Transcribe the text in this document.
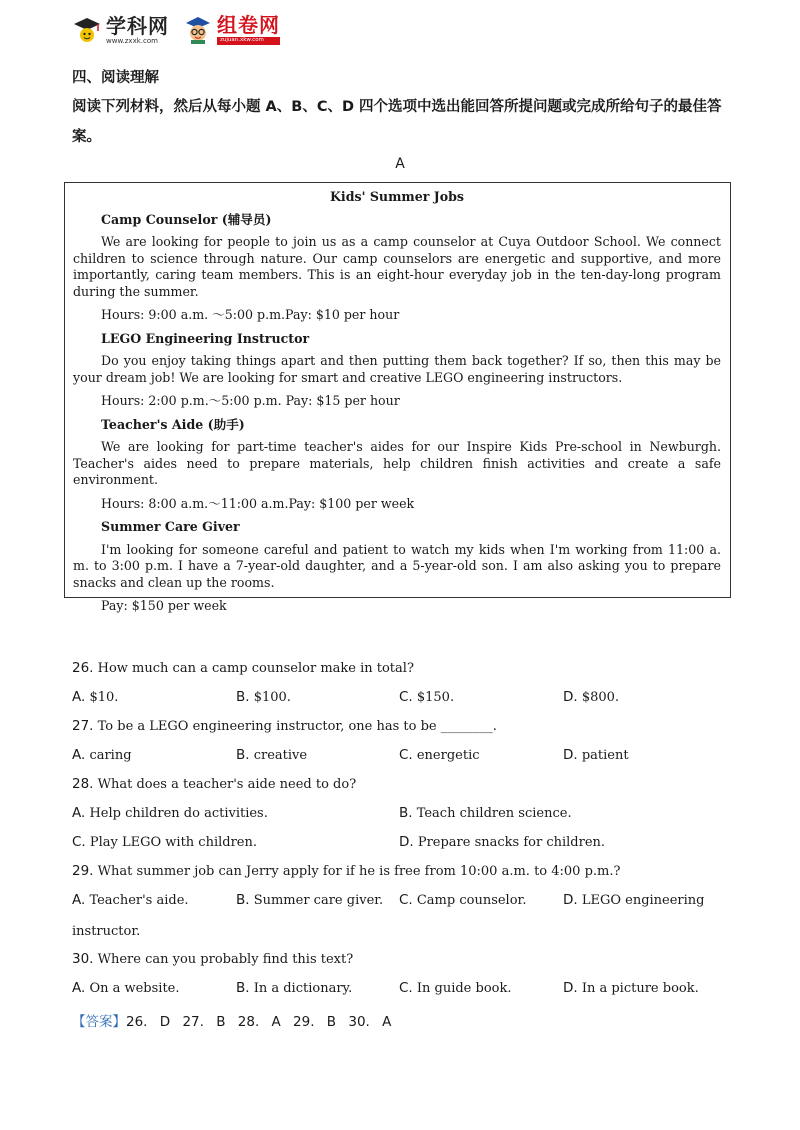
学科网
www.zxxk.com
组卷网
zujuan.xkw.com
四、阅读理解
阅读下列材料，然后从每小题 A、B、C、D 四个选项中选出能回答所提问题或完成所给句子的最佳答案。
A

Kids' Summer Jobs

Camp Counselor (辅导员)

We are looking for people to join us as a camp counselor at Cuya Outdoor School. We connect children to science through nature. Our camp counselors are energetic and supportive, and more importantly, caring team members. This is an eight-hour everyday job in the ten-day-long program during the summer.

Hours: 9:00 a.m. ～5:00 p.m.Pay: $10 per hour

LEGO Engineering Instructor

Do you enjoy taking things apart and then putting them back together? If so, then this may be your dream job! We are looking for smart and creative LEGO engineering instructors.

Hours: 2:00 p.m.～5:00 p.m. Pay: $15 per hour

Teacher's Aide (助手)

We are looking for part-time teacher's aides for our Inspire Kids Pre-school in Newburgh. Teacher's aides need to prepare materials, help children finish activities and create a safe environment.

Hours: 8:00 a.m.～11:00 a.m.Pay: $100 per week

Summer Care Giver

I'm looking for someone careful and patient to watch my kids when I'm working from 11:00 a. m. to 3:00 p.m. I have a 7-year-old daughter, and a 5-year-old son. I am also asking you to prepare snacks and clean up the rooms.

Pay: $150 per week

26. How much can a camp counselor make in total?
A. $10.	B. $100.	C. $150.	D. $800.
27. To be a LEGO engineering instructor, one has to be ________.
A. caring	B. creative	C. energetic	D. patient
28. What does a teacher's aide need to do?
A. Help children do activities.	B. Teach children science.
C. Play LEGO with children.	D. Prepare snacks for children.
29. What summer job can Jerry apply for if he is free from 10:00 a.m. to 4:00 p.m.?
A. Teacher's aide.	B. Summer care giver. C. Camp counselor.	D. LEGO engineering
instructor.
30. Where can you probably find this text?
A. On a website.	B. In a dictionary.	C. In guide book.	D. In a picture book.
【答案】26. D 27. B 28. A 29. B 30. A
